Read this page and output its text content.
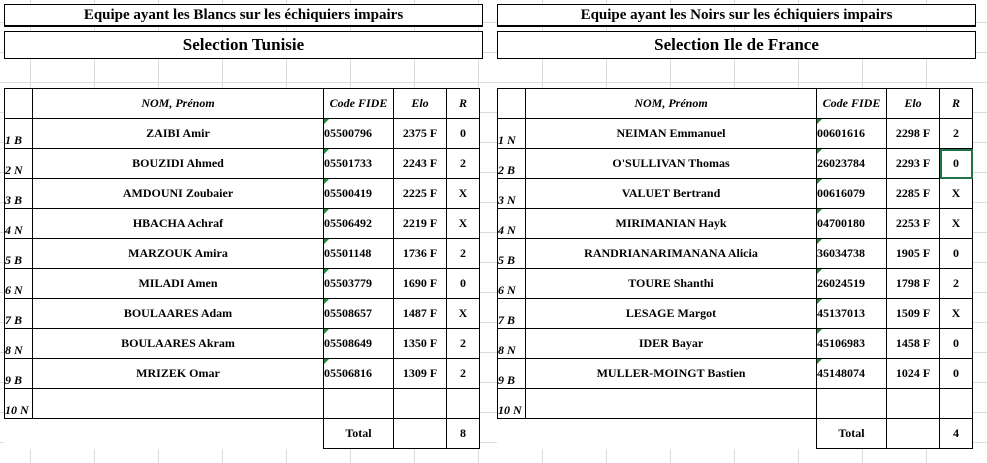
Equipe ayant les Blancs sur les échiquiers impairs
Selection Tunisie
	NOM, Prénom	Code FIDE	Elo	R
1 B	ZAIBI Amir	05500796	2375 F	0
2 N	BOUZIDI Ahmed	05501733	2243 F	2
3 B	AMDOUNI Zoubaier	05500419	2225 F	X
4 N	HBACHA Achraf	05506492	2219 F	X
5 B	MARZOUK Amira	05501148	1736 F	2
6 N	MILADI Amen	05503779	1690 F	0
7 B	BOULAARES Adam	05508657	1487 F	X
8 N	BOULAARES Akram	05508649	1350 F	2
9 B	MRIZEK Omar	05506816	1309 F	2
10 N				
		Total		8
Equipe ayant les Noirs sur les échiquiers impairs
Selection Ile de France
	NOM, Prénom	Code FIDE	Elo	R
1 N	NEIMAN Emmanuel	00601616	2298 F	2
2 B	O'SULLIVAN Thomas	26023784	2293 F	0
3 N	VALUET Bertrand	00616079	2285 F	X
4 N	MIRIMANIAN Hayk	04700180	2253 F	X
5 B	RANDRIANARIMANANA Alicia	36034738	1905 F	0
6 N	TOURE Shanthi	26024519	1798 F	2
7 B	LESAGE Margot	45137013	1509 F	X
8 N	IDER Bayar	45106983	1458 F	0
9 B	MULLER-MOINGT Bastien	45148074	1024 F	0
10 N				
		Total		4
